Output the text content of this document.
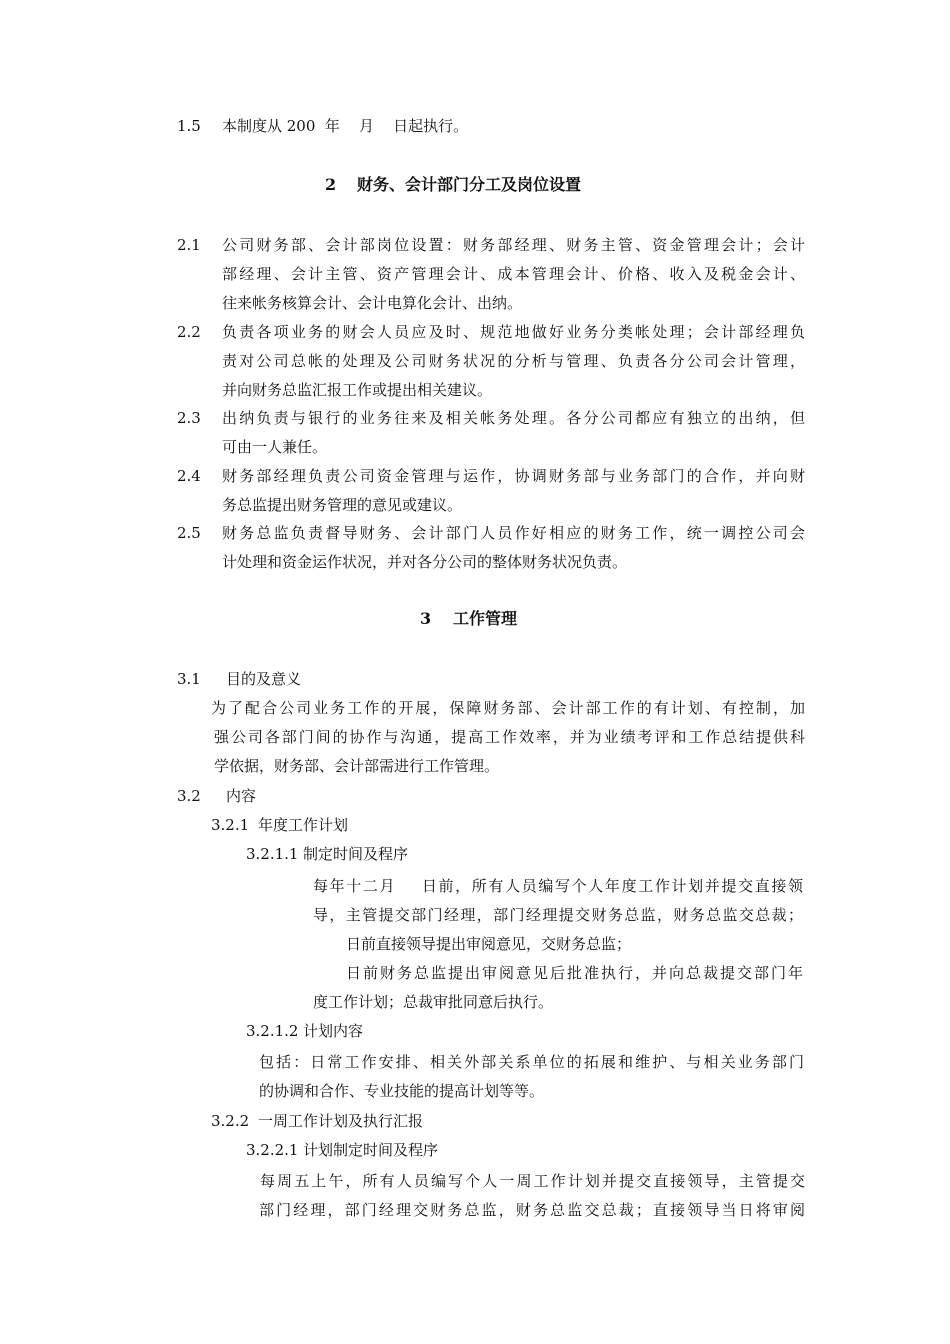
1.5 本制度从 200  年    月    日起执行。
2 财务、会计部门分工及岗位设置
2.1 公司财务部、会计部岗位设置：财务部经理、财务主管、资金管理会计；会计
部经理、会计主管、资产管理会计、成本管理会计、价格、收入及税金会计、
往来帐务核算会计、会计电算化会计、出纳。
2.2 负责各项业务的财会人员应及时、规范地做好业务分类帐处理；会计部经理负
责对公司总帐的处理及公司财务状况的分析与管理、负责各分公司会计管理，
并向财务总监汇报工作或提出相关建议。
2.3 出纳负责与银行的业务往来及相关帐务处理。各分公司都应有独立的出纳，但
可由一人兼任。
2.4 财务部经理负责公司资金管理与运作，协调财务部与业务部门的合作，并向财
务总监提出财务管理的意见或建议。
2.5 财务总监负责督导财务、会计部门人员作好相应的财务工作，统一调控公司会
计处理和资金运作状况，并对各分公司的整体财务状况负责。
3 工作管理
3.1 目的及意义
为了配合公司业务工作的开展，保障财务部、会计部工作的有计划、有控制，加
强公司各部门间的协作与沟通，提高工作效率，并为业绩考评和工作总结提供科
学依据，财务部、会计部需进行工作管理。
3.2 内容
3.2.1 年度工作计划
3.2.1.1 制定时间及程序
每年十二月    日前，所有人员编写个人年度工作计划并提交直接领
导，主管提交部门经理，部门经理提交财务总监，财务总监交总裁；
日前直接领导提出审阅意见，交财务总监；
日前财务总监提出审阅意见后批准执行，并向总裁提交部门年
度工作计划；总裁审批同意后执行。
3.2.1.2 计划内容
包括：日常工作安排、相关外部关系单位的拓展和维护、与相关业务部门
的协调和合作、专业技能的提高计划等等。
3.2.2 一周工作计划及执行汇报
3.2.2.1 计划制定时间及程序
每周五上午，所有人员编写个人一周工作计划并提交直接领导，主管提交
部门经理，部门经理交财务总监，财务总监交总裁；直接领导当日将审阅
